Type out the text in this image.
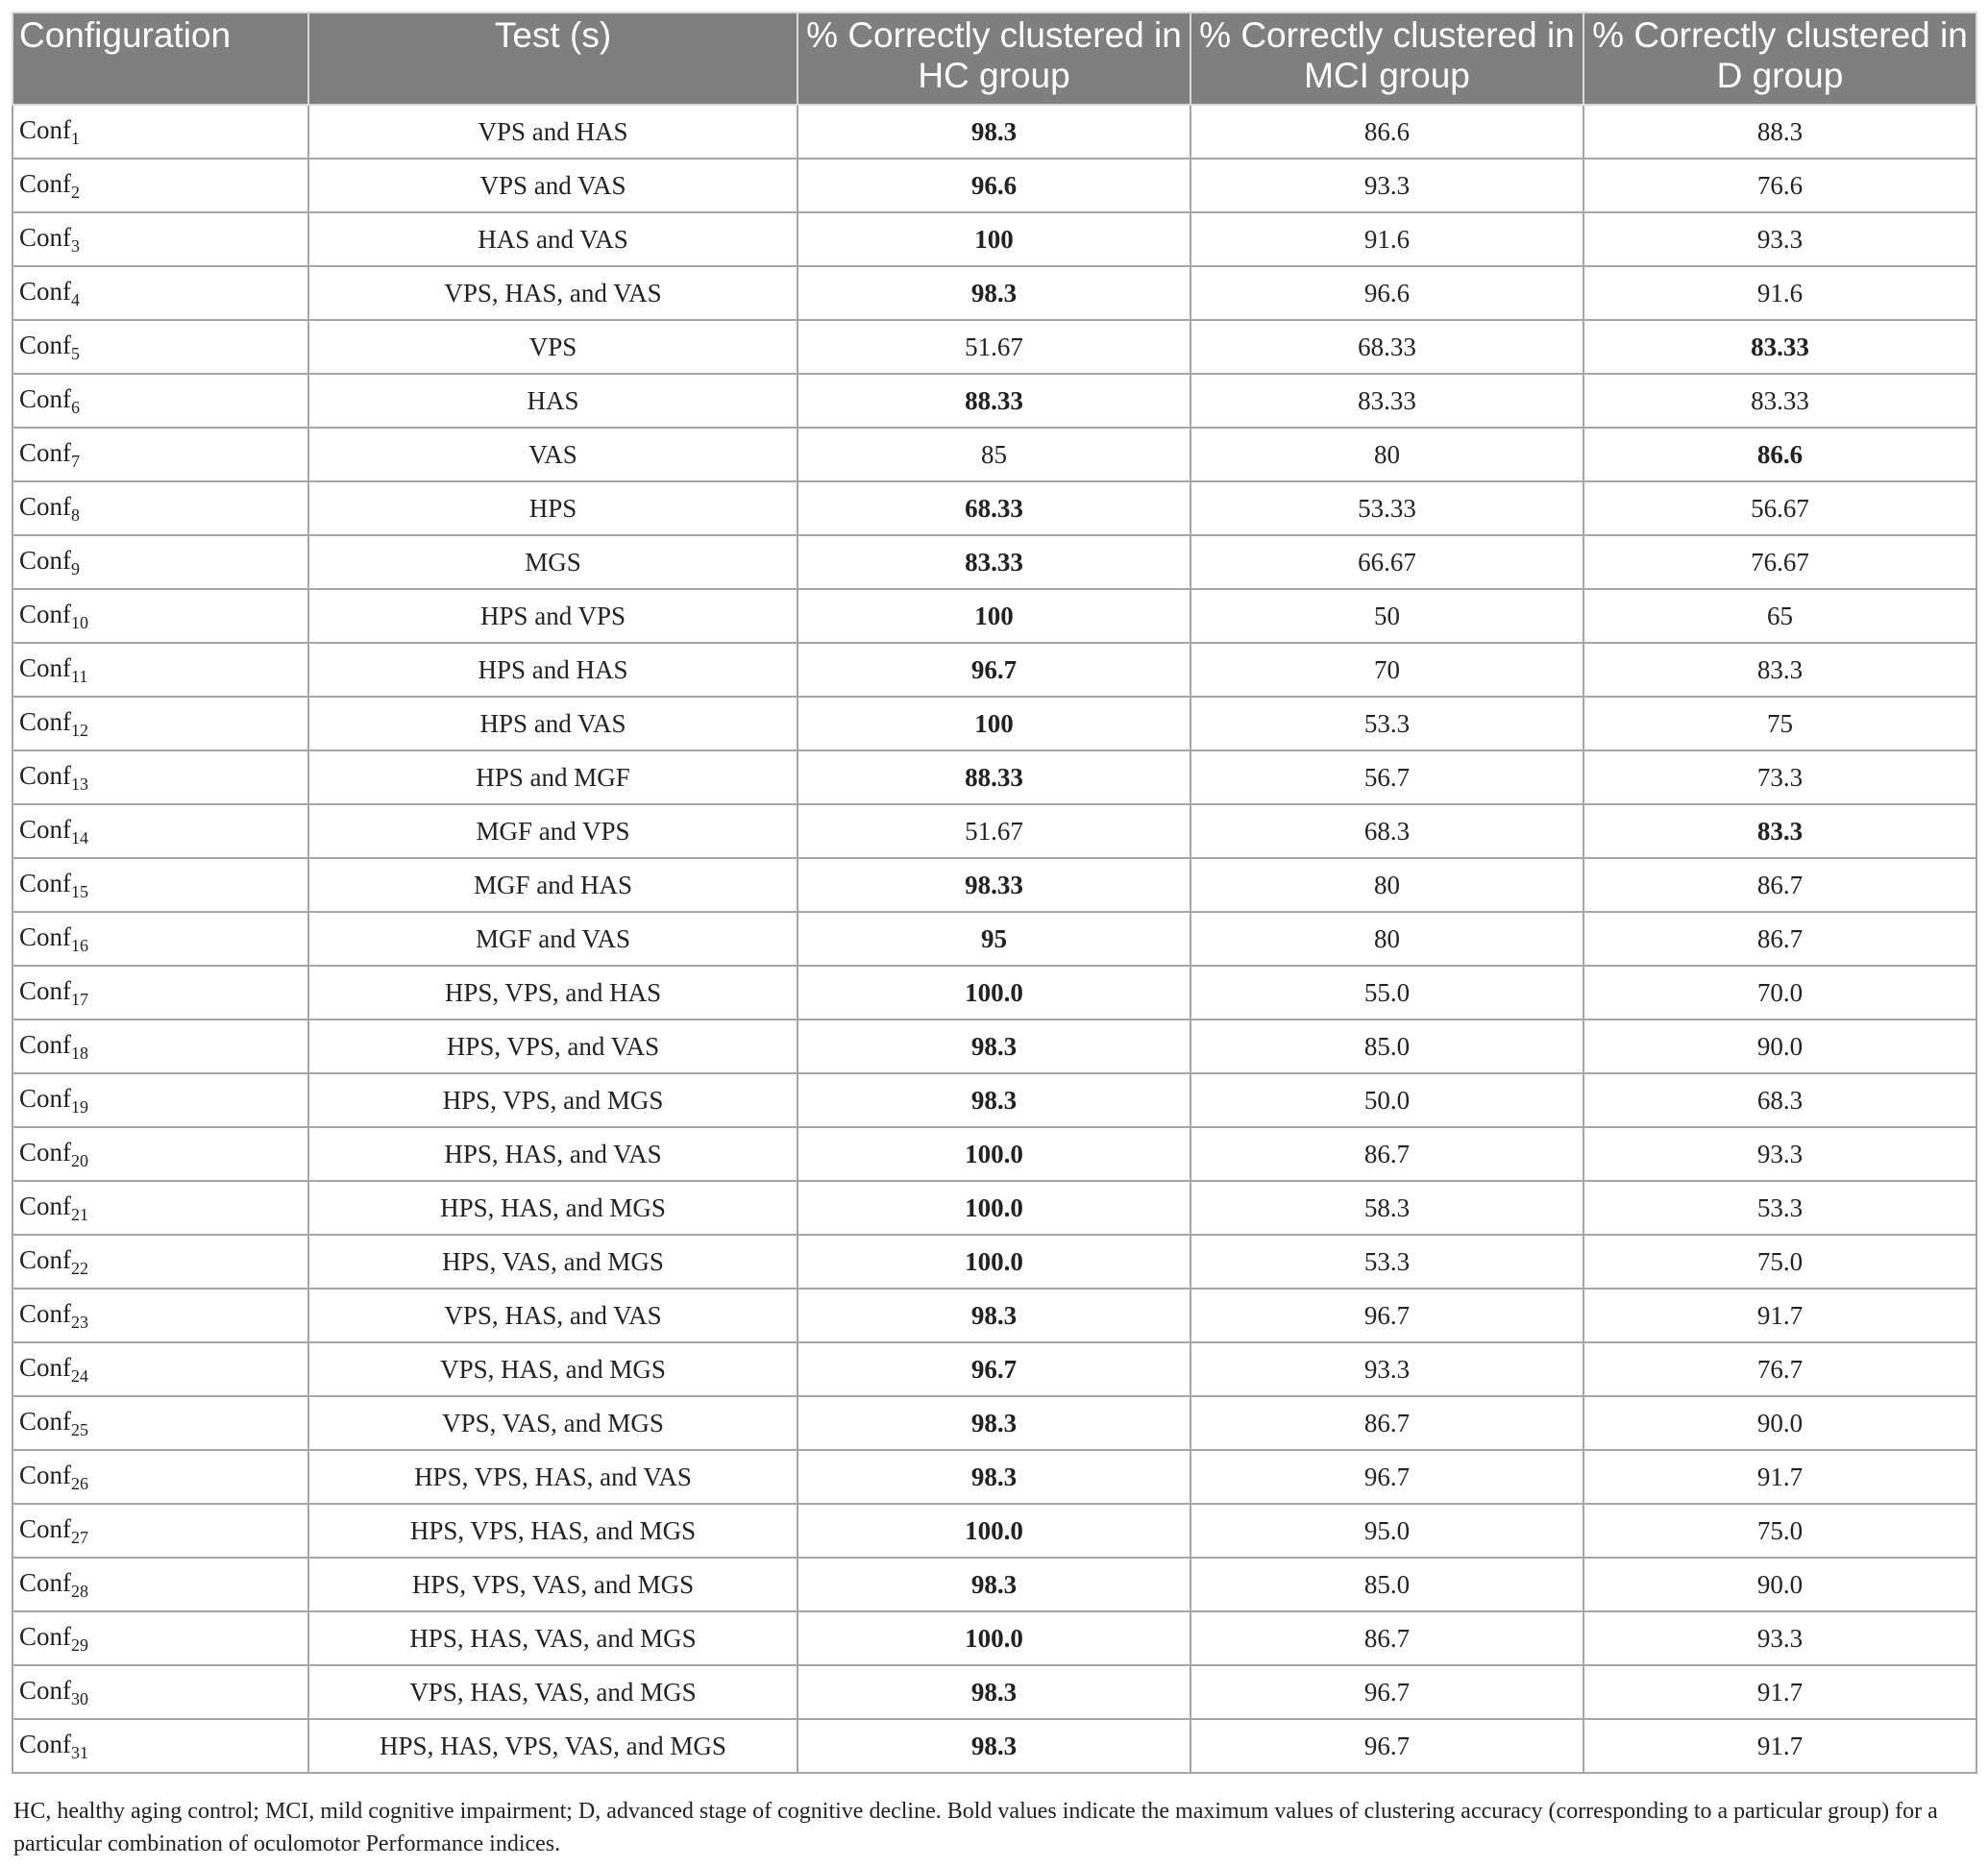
Configuration	Test (s)	% Correctly clustered in HC group	% Correctly clustered in MCI group	% Correctly clustered in D group
Conf$_1$	VPS and HAS	98.3	86.6	88.3
Conf$_2$	VPS and VAS	96.6	93.3	76.6
Conf$_3$	HAS and VAS	100	91.6	93.3
Conf$_4$	VPS, HAS, and VAS	98.3	96.6	91.6
Conf$_5$	VPS	51.67	68.33	83.33
Conf$_6$	HAS	88.33	83.33	83.33
Conf$_7$	VAS	85	80	86.6
Conf$_8$	HPS	68.33	53.33	56.67
Conf$_9$	MGS	83.33	66.67	76.67
Conf$_{10}$	HPS and VPS	100	50	65
Conf$_{11}$	HPS and HAS	96.7	70	83.3
Conf$_{12}$	HPS and VAS	100	53.3	75
Conf$_{13}$	HPS and MGF	88.33	56.7	73.3
Conf$_{14}$	MGF and VPS	51.67	68.3	83.3
Conf$_{15}$	MGF and HAS	98.33	80	86.7
Conf$_{16}$	MGF and VAS	95	80	86.7
Conf$_{17}$	HPS, VPS, and HAS	100.0	55.0	70.0
Conf$_{18}$	HPS, VPS, and VAS	98.3	85.0	90.0
Conf$_{19}$	HPS, VPS, and MGS	98.3	50.0	68.3
Conf$_{20}$	HPS, HAS, and VAS	100.0	86.7	93.3
Conf$_{21}$	HPS, HAS, and MGS	100.0	58.3	53.3
Conf$_{22}$	HPS, VAS, and MGS	100.0	53.3	75.0
Conf$_{23}$	VPS, HAS, and VAS	98.3	96.7	91.7
Conf$_{24}$	VPS, HAS, and MGS	96.7	93.3	76.7
Conf$_{25}$	VPS, VAS, and MGS	98.3	86.7	90.0
Conf$_{26}$	HPS, VPS, HAS, and VAS	98.3	96.7	91.7
Conf$_{27}$	HPS, VPS, HAS, and MGS	100.0	95.0	75.0
Conf$_{28}$	HPS, VPS, VAS, and MGS	98.3	85.0	90.0
Conf$_{29}$	HPS, HAS, VAS, and MGS	100.0	86.7	93.3
Conf$_{30}$	VPS, HAS, VAS, and MGS	98.3	96.7	91.7
Conf$_{31}$	HPS, HAS, VPS, VAS, and MGS	98.3	96.7	91.7
HC, healthy aging control; MCI, mild cognitive impairment; D, advanced stage of cognitive decline. Bold values indicate the maximum values of clustering accuracy (corresponding to a particular group) for a particular combination of oculomotor Performance indices.
